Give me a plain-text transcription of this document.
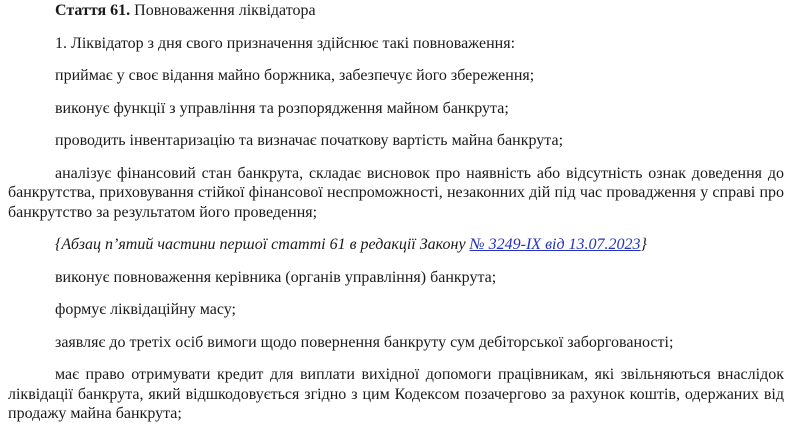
Стаття 61. Повноваження ліквідатора

1. Ліквідатор з дня свого призначення здійснює такі повноваження:

приймає у своє відання майно боржника, забезпечує його збереження;

виконує функції з управління та розпорядження майном банкрута;

проводить інвентаризацію та визначає початкову вартість майна банкрута;

аналізує фінансовий стан банкрута, складає висновок про наявність або відсутність ознак доведення до банкрутства, приховування стійкої фінансової неспроможності, незаконних дій під час провадження у справі про банкрутство за результатом його проведення;

{Абзац п’ятий частини першої статті 61 в редакції Закону № 3249-IX від 13.07.2023}

виконує повноваження керівника (органів управління) банкрута;

формує ліквідаційну масу;

заявляє до третіх осіб вимоги щодо повернення банкруту сум дебіторської заборгованості;

має право отримувати кредит для виплати вихідної допомоги працівникам, які звільняються внаслідок ліквідації банкрута, який відшкодовується згідно з цим Кодексом позачергово за рахунок коштів, одержаних від продажу майна банкрута;
